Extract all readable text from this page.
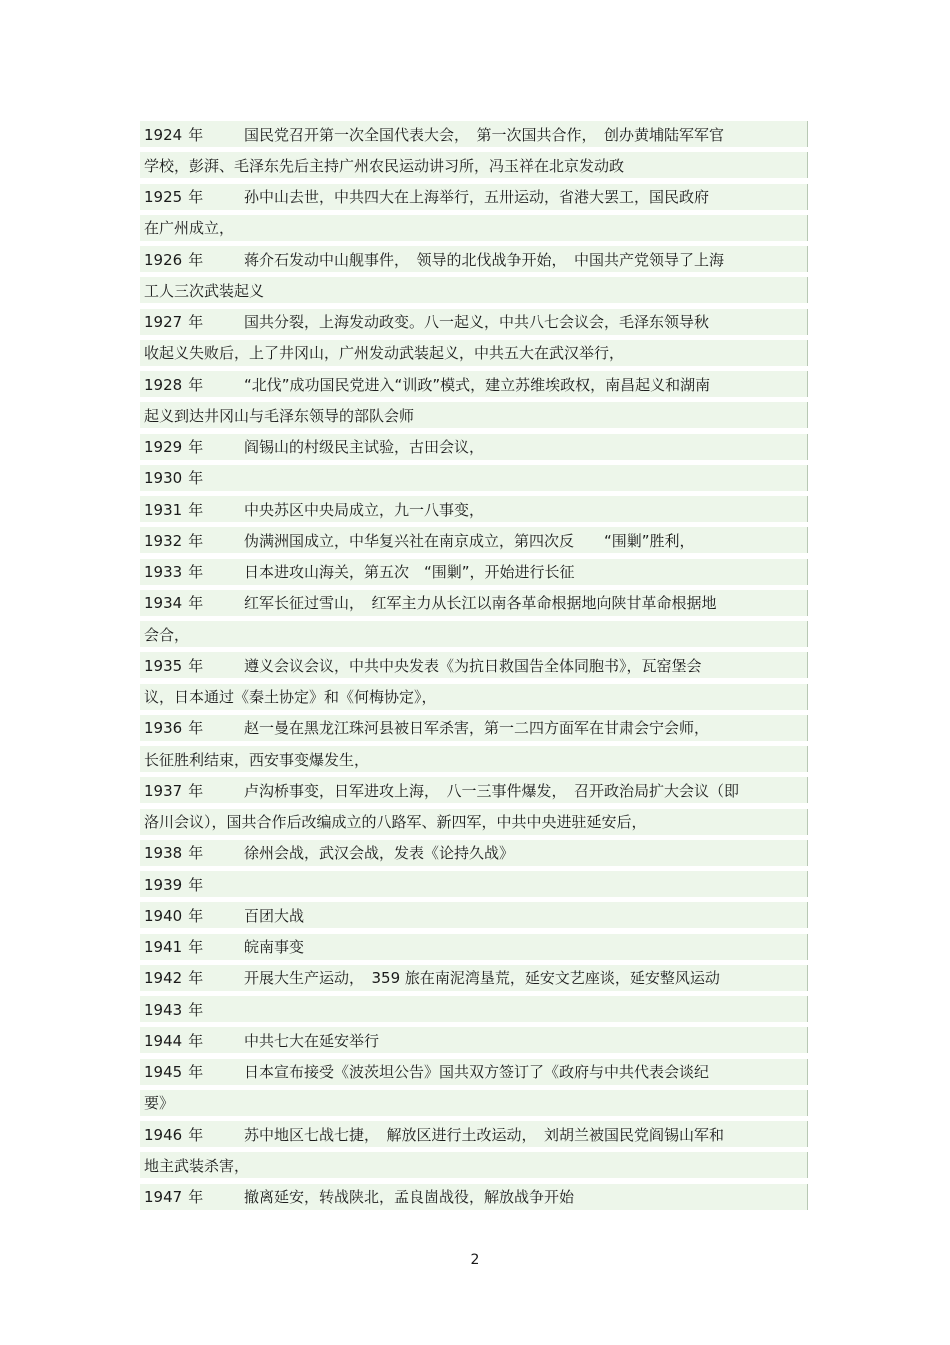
1924 年	国民党召开第一次全国代表大会，　第一次国共合作，　创办黄埔陆军军官
学校，彭湃、毛泽东先后主持广州农民运动讲习所，冯玉祥在北京发动政
1925 年	孙中山去世，中共四大在上海举行，五卅运动，省港大罢工，国民政府
在广州成立，
1926 年	蒋介石发动中山舰事件，　领导的北伐战争开始，　中国共产党领导了上海
工人三次武装起义
1927 年	国共分裂，上海发动政变。八一起义，中共八七会议会，毛泽东领导秋
收起义失败后，上了井冈山，广州发动武装起义，中共五大在武汉举行，
1928 年	“北伐”成功国民党进入“训政”模式，建立苏维埃政权，南昌起义和湖南
起义到达井冈山与毛泽东领导的部队会师
1929 年	阎锡山的村级民主试验，古田会议，
1930 年
1931 年	中央苏区中央局成立，九一八事变，
1932 年	伪满洲国成立，中华复兴社在南京成立，第四次反　　“围剿”胜利，
1933 年	日本进攻山海关，第五次　“围剿”，开始进行长征
1934 年	红军长征过雪山，　红军主力从长江以南各革命根据地向陕甘革命根据地
会合，
1935 年	遵义会议会议，中共中央发表《为抗日救国告全体同胞书》，瓦窑堡会
议，日本通过《秦土协定》和《何梅协定》，
1936 年	赵一曼在黑龙江珠河县被日军杀害，第一二四方面军在甘肃会宁会师，
长征胜利结束，西安事变爆发生，
1937 年	卢沟桥事变，日军进攻上海，　八一三事件爆发，　召开政治局扩大会议（即
洛川会议），国共合作后改编成立的八路军、新四军，中共中央进驻延安后，
1938 年	徐州会战，武汉会战，发表《论持久战》
1939 年
1940 年	百团大战
1941 年	皖南事变
1942 年	开展大生产运动，　359 旅在南泥湾垦荒，延安文艺座谈，延安整风运动
1943 年
1944 年	中共七大在延安举行
1945 年	日本宣布接受《波茨坦公告》国共双方签订了《政府与中共代表会谈纪
要》
1946 年	苏中地区七战七捷，　解放区进行土改运动，　刘胡兰被国民党阎锡山军和
地主武装杀害，
1947 年	撤离延安，转战陕北，孟良崮战役，解放战争开始
2
